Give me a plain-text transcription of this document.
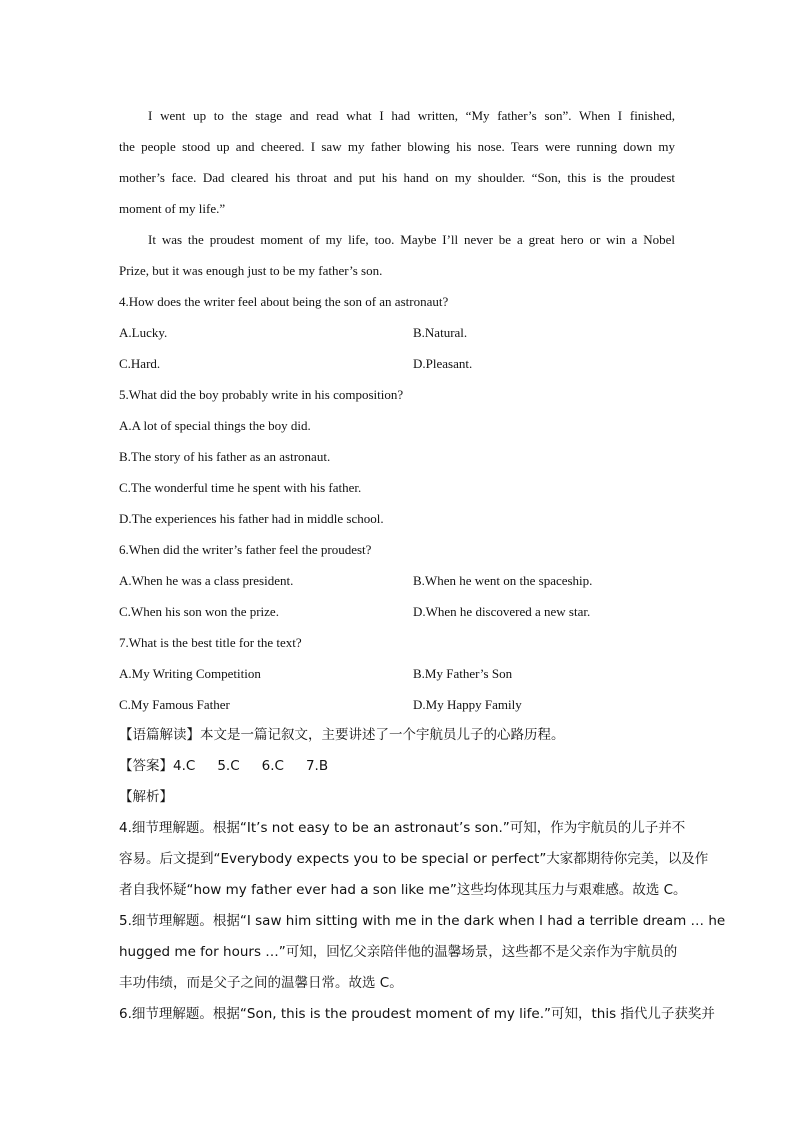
I went up to the stage and read what I had written, “My father’s son”. When I finished,
the people stood up and cheered. I saw my father blowing his nose. Tears were running down my
mother’s face. Dad cleared his throat and put his hand on my shoulder. “Son, this is the proudest
moment of my life.”
It was the proudest moment of my life, too. Maybe I’ll never be a great hero or win a Nobel
Prize, but it was enough just to be my father’s son.
4.How does the writer feel about being the son of an astronaut?
A.Lucky.	B.Natural.
C.Hard.	D.Pleasant.
5.What did the boy probably write in his composition?
A.A lot of special things the boy did.
B.The story of his father as an astronaut.
C.The wonderful time he spent with his father.
D.The experiences his father had in middle school.
6.When did the writer’s father feel the proudest?
A.When he was a class president.	B.When he went on the spaceship.
C.When his son won the prize.	D.When he discovered a new star.
7.What is the best title for the text?
A.My Writing Competition	B.My Father’s Son
C.My Famous Father	D.My Happy Family
【语篇解读】本文是一篇记叙文，主要讲述了一个宇航员儿子的心路历程。
【答案】4.C 5.C 6.C 7.B
【解析】
4.细节理解题。根据“It’s not easy to be an astronaut’s son.”可知，作为宇航员的儿子并不
容易。后文提到“Everybody expects you to be special or perfect”大家都期待你完美，以及作
者自我怀疑“how my father ever had a son like me”这些均体现其压力与艰难感。故选 C。
5.细节理解题。根据“I saw him sitting with me in the dark when I had a terrible dream … he
hugged me for hours …”可知，回忆父亲陪伴他的温馨场景，这些都不是父亲作为宇航员的
丰功伟绩，而是父子之间的温馨日常。故选 C。
6.细节理解题。根据“Son, this is the proudest moment of my life.”可知，this 指代儿子获奖并
